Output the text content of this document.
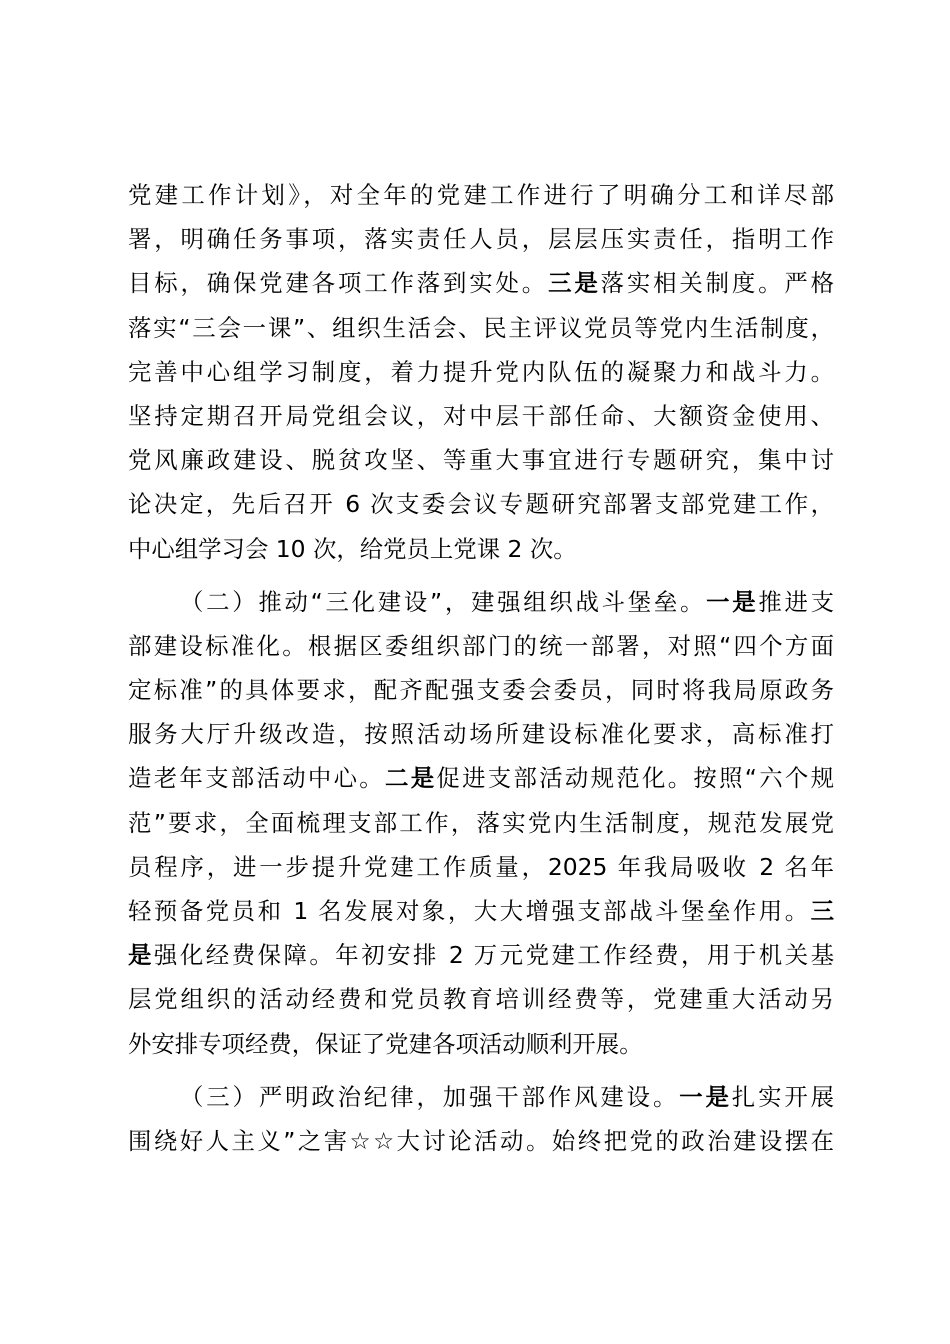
党建工作计划》，对全年的党建工作进行了明确分工和详尽部
署，明确任务事项，落实责任人员，层层压实责任，指明工作
目标，确保党建各项工作落到实处。三是落实相关制度。严格
落实“三会一课”、组织生活会、民主评议党员等党内生活制度，
完善中心组学习制度，着力提升党内队伍的凝聚力和战斗力。
坚持定期召开局党组会议，对中层干部任命、大额资金使用、
党风廉政建设、脱贫攻坚、等重大事宜进行专题研究，集中讨
论决定，先后召开 6 次支委会议专题研究部署支部党建工作，
中心组学习会 10 次，给党员上党课 2 次。
（二）推动“三化建设”，建强组织战斗堡垒。一是推进支
部建设标准化。根据区委组织部门的统一部署，对照“四个方面
定标准”的具体要求，配齐配强支委会委员，同时将我局原政务
服务大厅升级改造，按照活动场所建设标准化要求，高标准打
造老年支部活动中心。二是促进支部活动规范化。按照“六个规
范”要求，全面梳理支部工作，落实党内生活制度，规范发展党
员程序，进一步提升党建工作质量，2025 年我局吸收 2 名年
轻预备党员和 1 名发展对象，大大增强支部战斗堡垒作用。三
是强化经费保障。年初安排 2 万元党建工作经费，用于机关基
层党组织的活动经费和党员教育培训经费等，党建重大活动另
外安排专项经费，保证了党建各项活动顺利开展。
（三）严明政治纪律，加强干部作风建设。一是扎实开展
围绕好人主义”之害☆☆大讨论活动。始终把党的政治建设摆在
